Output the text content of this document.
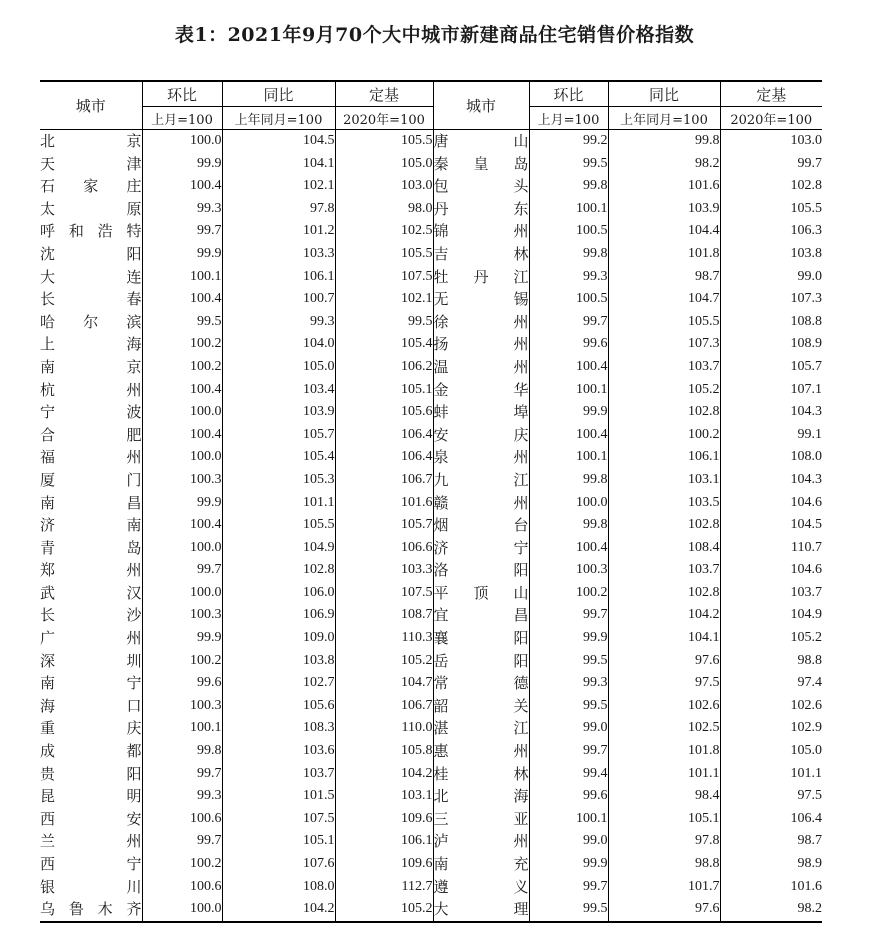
表1：2021年9月70个大中城市新建商品住宅销售价格指数
城市	环比	同比	定基	城市	环比	同比	定基
	上月=100	上年同月=100	2020年=100		上月=100	上年同月=100	2020年=100
北京	100.0	104.5	105.5	唐山	99.2	99.8	103.0
天津	99.9	104.1	105.0	秦皇岛	99.5	98.2	99.7
石家庄	100.4	102.1	103.0	包头	99.8	101.6	102.8
太原	99.3	97.8	98.0	丹东	100.1	103.9	105.5
呼和浩特	99.7	101.2	102.5	锦州	100.5	104.4	106.3
沈阳	99.9	103.3	105.5	吉林	99.8	101.8	103.8
大连	100.1	106.1	107.5	牡丹江	99.3	98.7	99.0
长春	100.4	100.7	102.1	无锡	100.5	104.7	107.3
哈尔滨	99.5	99.3	99.5	徐州	99.7	105.5	108.8
上海	100.2	104.0	105.4	扬州	99.6	107.3	108.9
南京	100.2	105.0	106.2	温州	100.4	103.7	105.7
杭州	100.4	103.4	105.1	金华	100.1	105.2	107.1
宁波	100.0	103.9	105.6	蚌埠	99.9	102.8	104.3
合肥	100.4	105.7	106.4	安庆	100.4	100.2	99.1
福州	100.0	105.4	106.4	泉州	100.1	106.1	108.0
厦门	100.3	105.3	106.7	九江	99.8	103.1	104.3
南昌	99.9	101.1	101.6	赣州	100.0	103.5	104.6
济南	100.4	105.5	105.7	烟台	99.8	102.8	104.5
青岛	100.0	104.9	106.6	济宁	100.4	108.4	110.7
郑州	99.7	102.8	103.3	洛阳	100.3	103.7	104.6
武汉	100.0	106.0	107.5	平顶山	100.2	102.8	103.7
长沙	100.3	106.9	108.7	宜昌	99.7	104.2	104.9
广州	99.9	109.0	110.3	襄阳	99.9	104.1	105.2
深圳	100.2	103.8	105.2	岳阳	99.5	97.6	98.8
南宁	99.6	102.7	104.7	常德	99.3	97.5	97.4
海口	100.3	105.6	106.7	韶关	99.5	102.6	102.6
重庆	100.1	108.3	110.0	湛江	99.0	102.5	102.9
成都	99.8	103.6	105.8	惠州	99.7	101.8	105.0
贵阳	99.7	103.7	104.2	桂林	99.4	101.1	101.1
昆明	99.3	101.5	103.1	北海	99.6	98.4	97.5
西安	100.6	107.5	109.6	三亚	100.1	105.1	106.4
兰州	99.7	105.1	106.1	泸州	99.0	97.8	98.7
西宁	100.2	107.6	109.6	南充	99.9	98.8	98.9
银川	100.6	108.0	112.7	遵义	99.7	101.7	101.6
乌鲁木齐	100.0	104.2	105.2	大理	99.5	97.6	98.2
